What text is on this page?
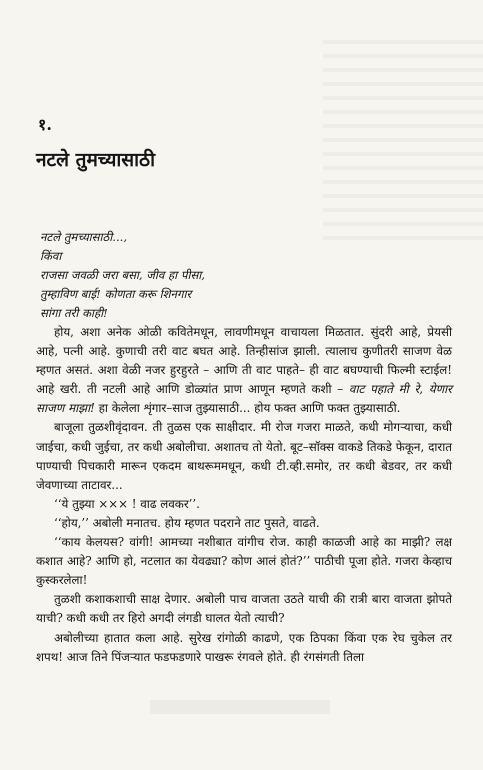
१.
नटले तुमच्यासाठी
नटले तुमच्यासाठी...,
किंवा
राजसा जवळी जरा बसा, जीव हा पीसा,
तुम्हाविण बाई! कोणता करू शिनगार
सांगा तरी काही!

होय, अशा अनेक ओळी कवितेमधून, लावणीमधून वाचायला मिळतात. सुंदरी आहे, प्रेयसी आहे, पत्नी आहे. कुणाची तरी वाट बघत आहे. तिन्हीसांज झाली. त्यालाच कुणीतरी साजण वेळ म्हणत असतं. अशा वेळी नजर हुरहुरते – आणि ती वाट पाहते– ही वाट बघण्याची फिल्मी स्टाईल! आहे खरी. ती नटली आहे आणि डोळ्यांत प्राण आणून म्हणते कशी – वाट पहाते मी रे, येणार साजण माझा! हा केलेला शृंगार–साज तुझ्यासाठी... होय फक्त आणि फक्त तुझ्यासाठी.

बाजूला तुळशीवृंदावन. ती तुळस एक साक्षीदार. मी रोज गजरा माळते, कधी मोगऱ्याचा, कधी जाईचा, कधी जुईचा, तर कधी अबोलीचा. अशातच तो येतो. बूट–सॉक्स वाकडे तिकडे फेकून, दारात पाण्याची पिचकारी मारून एकदम बाथरूममधून, कधी टी.व्ही.समोर, तर कधी बेडवर, तर कधी जेवणाच्या ताटावर...

‘‘ये तुझ्या ××× ! वाढ लवकर’’.

‘‘होय,’’ अबोली मनातच. होय म्हणत पदराने ताट पुसते, वाढते.

‘‘काय केलयस? वांगी! आमच्या नशीबात वांगीच रोज. काही काळजी आहे का माझी? लक्ष कशात आहे? आणि हो, नटलात का येवढ्या? कोण आलं होतं?’’ पाठीची पूजा होते. गजरा केव्हाच कुस्करलेला!

तुळशी कशाकशाची साक्ष देणार. अबोली पाच वाजता उठते याची की रात्री बारा वाजता झोपते याची? कधी कधी तर हिरो अगदी लंगडी घालत येतो त्याची?

अबोलीच्या हातात कला आहे. सुरेख रांगोळी काढणे, एक ठिपका किंवा एक रेघ चुकेल तर शपथ! आज तिने पिंजऱ्यात फडफडणारे पाखरू रंगवले होते. ही रंगसंगती तिला
